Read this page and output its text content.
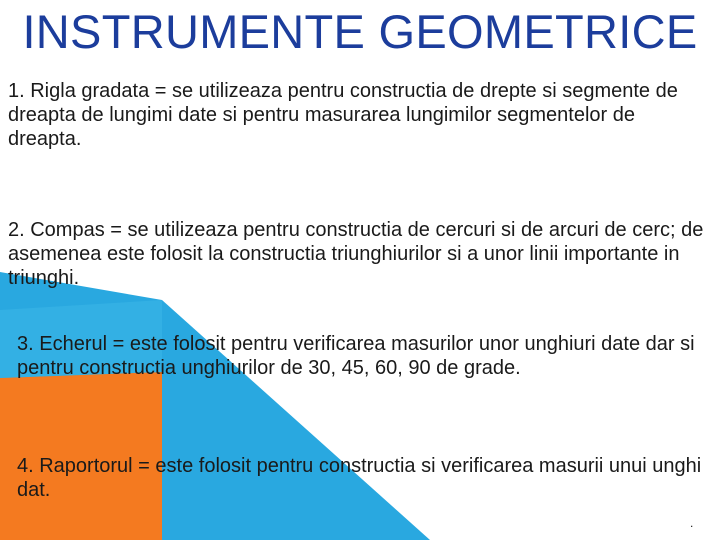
INSTRUMENTE GEOMETRICE

1. Rigla gradata = se utilizeaza pentru constructia de drepte si segmente de dreapta de lungimi date si pentru masurarea lungimilor segmentelor de dreapta.

2. Compas = se utilizeaza pentru constructia de cercuri si de arcuri de cerc; de asemenea este folosit la constructia triunghiurilor si a unor linii importante in triunghi.

3. Echerul = este folosit pentru verificarea masurilor unor unghiuri date dar si pentru constructia unghiurilor de 30, 45, 60, 90 de grade.

4. Raportorul = este folosit pentru constructia si verificarea masurii unui unghi dat.

.
